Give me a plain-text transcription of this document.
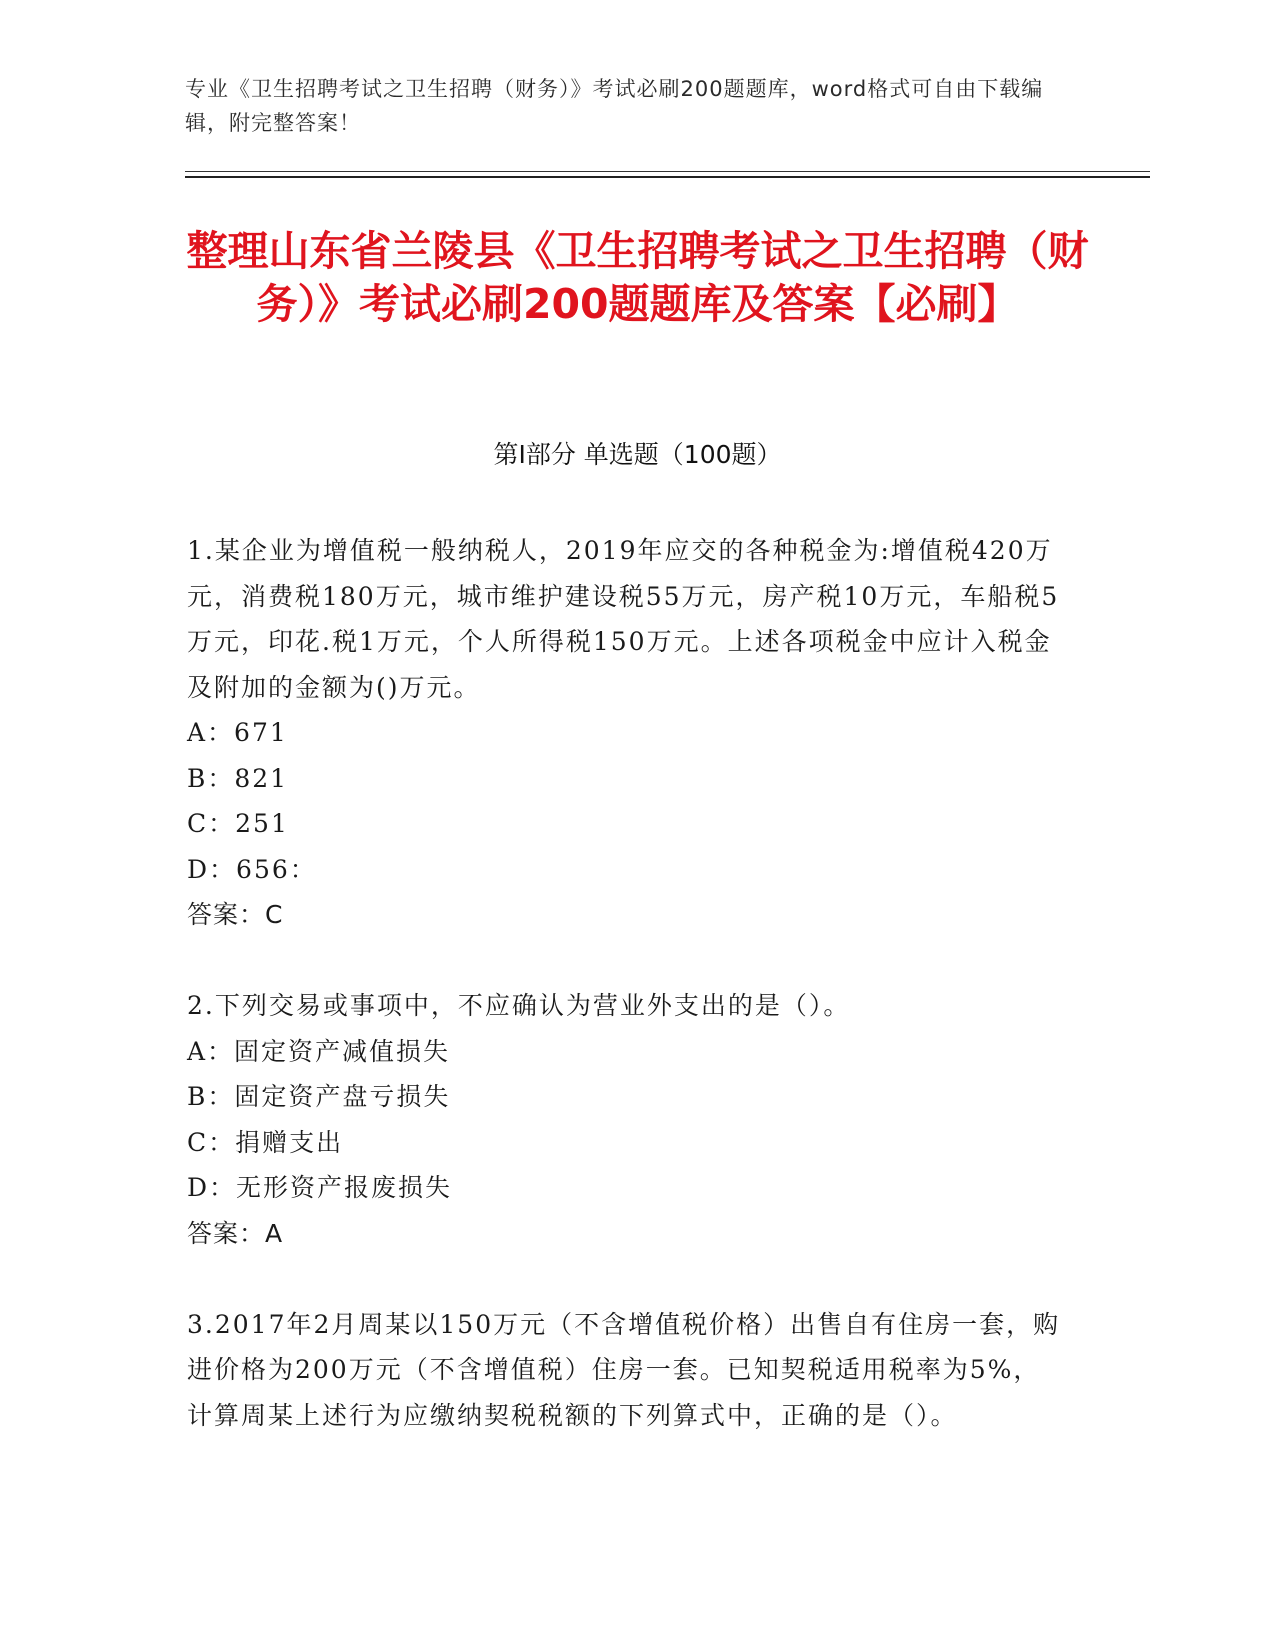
专业《卫生招聘考试之卫生招聘（财务）》考试必刷200题题库，word格式可自由下载编辑，附完整答案！
整理山东省兰陵县《卫生招聘考试之卫生招聘（财务）》考试必刷200题题库及答案【必刷】
第I部分 单选题（100题）

1.某企业为增值税一般纳税人，2019年应交的各种税金为:增值税420万元，消费税180万元，城市维护建设税55万元，房产税10万元，车船税5万元，印花.税1万元，个人所得税150万元。上述各项税金中应计入税金及附加的金额为()万元。

A：671

B：821

C：251

D：656：

答案：C

2.下列交易或事项中，不应确认为营业外支出的是（）。

A：固定资产减值损失

B：固定资产盘亏损失

C：捐赠支出

D：无形资产报废损失

答案：A

3.2017年2月周某以150万元（不含增值税价格）出售自有住房一套，购进价格为200万元（不含增值税）住房一套。已知契税适用税率为5%，计算周某上述行为应缴纳契税税额的下列算式中，正确的是（）。
